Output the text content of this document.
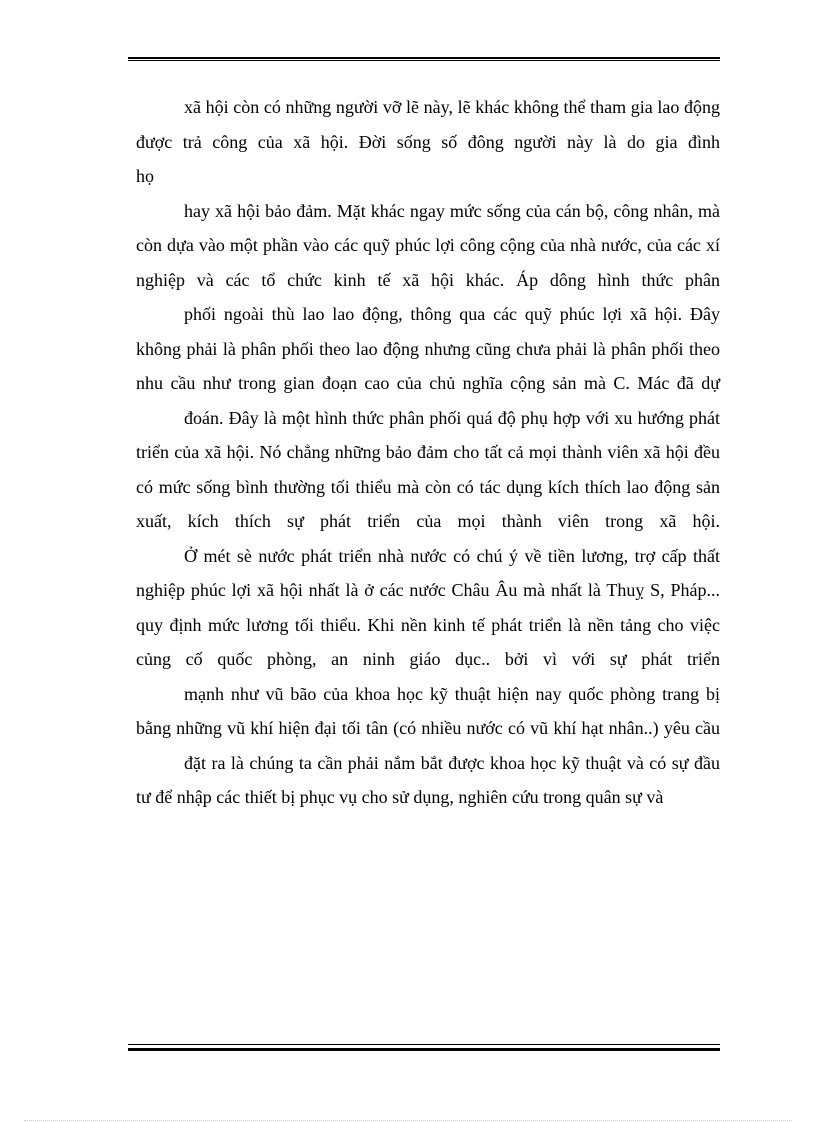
xã hội còn có những người vỡ lẽ này, lẽ khác không thể tham gia lao động được trả công của xã hội. Đời sống số đông người này là do gia đình

họ

hay xã hội bảo đảm. Mặt khác ngay mức sống của cán bộ, công nhân, mà còn dựa vào một phần vào các quỹ phúc lợi công cộng của nhà nước, của các xí nghiệp và các tổ chức kinh tế xã hội khác. Áp dông hình thức phân

phối ngoài thù lao lao động, thông qua các quỹ phúc lợi xã hội. Đây không phải là phân phối theo lao động nhưng cũng chưa phải là phân phối theo nhu cầu như trong gian đoạn cao của chủ nghĩa cộng sản mà C. Mác đã dự

đoán. Đây là một hình thức phân phối quá độ phụ hợp với xu hướng phát triển của xã hội. Nó chẳng những bảo đảm cho tất cả mọi thành viên xã hội đều có mức sống bình thường tối thiểu mà còn có tác dụng kích thích lao động sản xuất, kích thích sự phát triển của mọi thành viên trong xã hội.

Ở mét sè nước phát triển nhà nước có chú ý về tiền lương, trợ cấp thất nghiệp phúc lợi xã hội nhất là ở các nước Châu Âu mà nhất là Thuỵ S, Pháp... quy định mức lương tối thiểu. Khi nền kinh tế phát triển là nền tảng cho việc củng cố quốc phòng, an ninh giáo dục.. bởi vì với sự phát triển

mạnh như vũ bão của khoa học kỹ thuật hiện nay quốc phòng trang bị bằng những vũ khí hiện đại tối tân (có nhiều nước có vũ khí hạt nhân..) yêu cầu

đặt ra là chúng ta cần phải nắm bắt được khoa học kỹ thuật và có sự đầu tư để nhập các thiết bị phục vụ cho sử dụng, nghiên cứu trong quân sự và
